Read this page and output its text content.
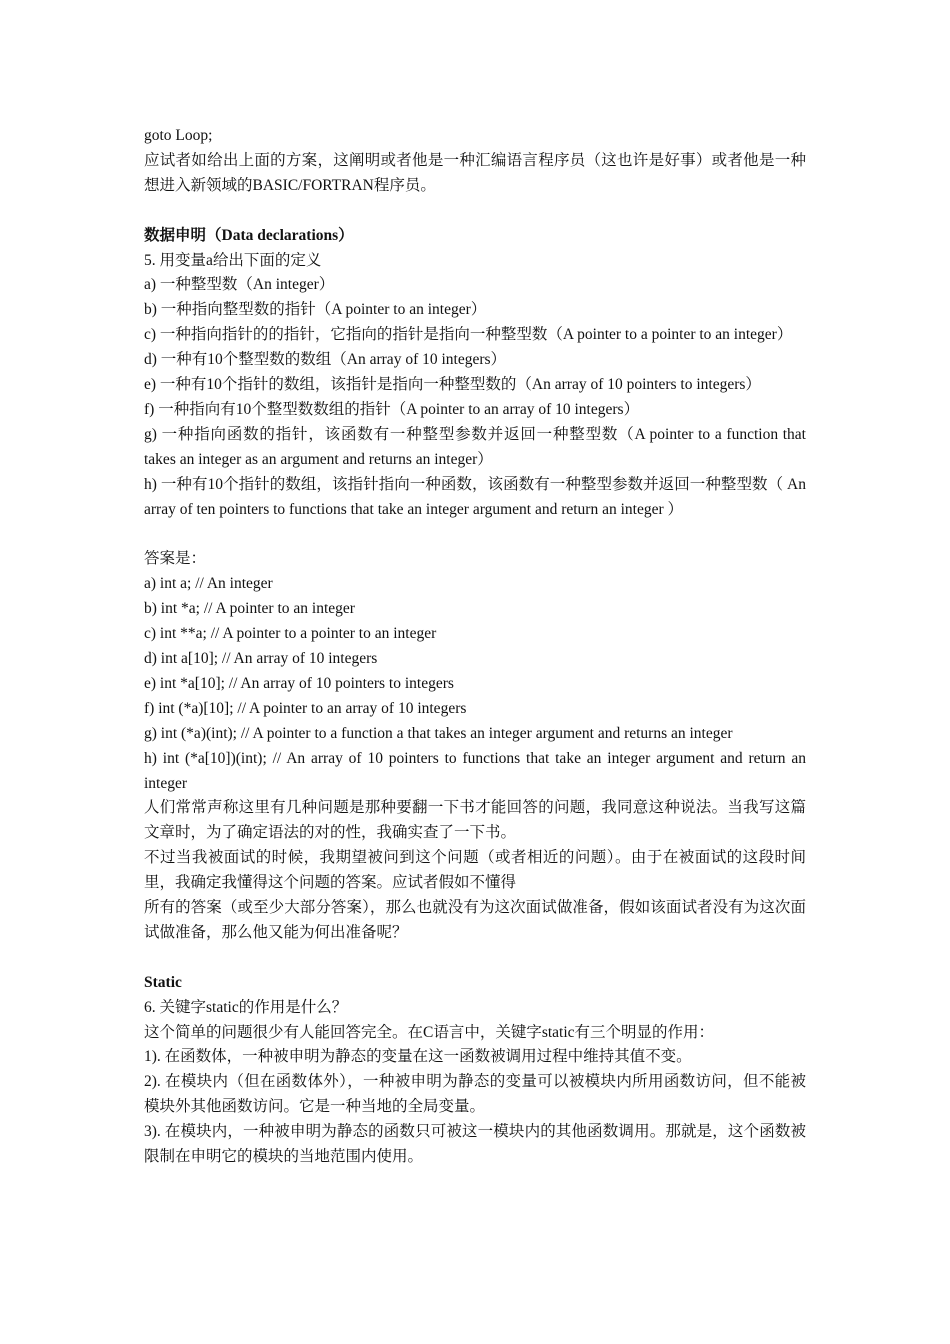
goto Loop;
应试者如给出上面的方案，这阐明或者他是一种汇编语言程序员（这也许是好事）或者他是一种想进入新领域的BASIC/FORTRAN程序员。
数据申明（Data declarations）
5. 用变量a给出下面的定义
a) 一种整型数（An integer）
b) 一种指向整型数的指针（A pointer to an integer）
c) 一种指向指针的的指针，它指向的指针是指向一种整型数（A pointer to a pointer to an integer）
d) 一种有10个整型数的数组（An array of 10 integers）
e) 一种有10个指针的数组，该指针是指向一种整型数的（An array of 10 pointers to integers）
f) 一种指向有10个整型数数组的指针（A pointer to an array of 10 integers）
g) 一种指向函数的指针，该函数有一种整型参数并返回一种整型数（A pointer to a function that takes an integer as an argument and returns an integer）
h) 一种有10个指针的数组，该指针指向一种函数，该函数有一种整型参数并返回一种整型数（ An array of ten pointers to functions that take an integer argument and return an integer ）
答案是：
a) int a; // An integer
b) int *a; // A pointer to an integer
c) int **a; // A pointer to a pointer to an integer
d) int a[10]; // An array of 10 integers
e) int *a[10]; // An array of 10 pointers to integers
f) int (*a)[10]; // A pointer to an array of 10 integers
g) int (*a)(int); // A pointer to a function a that takes an integer argument and returns an integer
h) int (*a[10])(int); // An array of 10 pointers to functions that take an integer argument and return an integer
人们常常声称这里有几种问题是那种要翻一下书才能回答的问题，我同意这种说法。当我写这篇文章时，为了确定语法的对的性，我确实查了一下书。
不过当我被面试的时候，我期望被问到这个问题（或者相近的问题）。由于在被面试的这段时间里，我确定我懂得这个问题的答案。应试者假如不懂得
所有的答案（或至少大部分答案），那么也就没有为这次面试做准备，假如该面试者没有为这次面试做准备，那么他又能为何出准备呢？
Static
6. 关键字static的作用是什么？
这个简单的问题很少有人能回答完全。在C语言中，关键字static有三个明显的作用：
1). 在函数体，一种被申明为静态的变量在这一函数被调用过程中维持其值不变。
2). 在模块内（但在函数体外），一种被申明为静态的变量可以被模块内所用函数访问，但不能被模块外其他函数访问。它是一种当地的全局变量。
3). 在模块内，一种被申明为静态的函数只可被这一模块内的其他函数调用。那就是，这个函数被限制在申明它的模块的当地范围内使用。
